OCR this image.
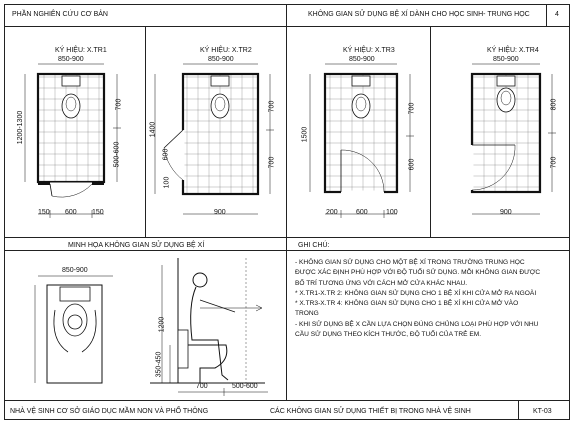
PHẦN NGHIÊN CỨU CƠ BẢN	KHÔNG GIAN SỬ DỤNG BỆ XÍ DÀNH CHO HỌC SINH- TRUNG HỌC	4
KÝ HIỆU: X.TR1
850-900
1200-1300
700
500-600
150 600 150
KÝ HIỆU: X.TR2
850-900
1400
600
100
700
700
900
KÝ HIỆU: X.TR3
850-900
1500
700
600
200	600	100
KÝ HIỆU: X.TR4
850-900
800
700
900
MINH HỌA KHÔNG GIAN SỬ DỤNG BỆ XÍ
850-900
1200
350-450
700	500-600
GHI CHÚ:
- KHÔNG GIAN SỬ DỤNG CHO MỘT BỆ XÍ TRONG TRƯỜNG TRUNG HỌC
ĐƯỢC XÁC ĐỊNH PHÙ HỢP VỚI ĐỘ TUỔI SỬ DỤNG. MỖI KHÔNG GIAN ĐƯỢC
BỐ TRÍ TƯƠNG ỨNG VỚI CÁCH MỞ CỬA KHÁC NHAU.
* X.TR1-X.TR 2: KHÔNG GIAN SỬ DỤNG CHO 1 BỆ XÍ KHI CỬA MỞ RA NGOÀI
* X.TR3-X.TR 4: KHÔNG GIAN SỬ DỤNG CHO 1 BỆ XÍ KHI CỬA MỞ VÀO
TRONG
- KHI SỬ DỤNG BỆ X CẦN LỰA CHỌN ĐÚNG CHỦNG LOẠI PHÙ HỢP VỚI NHU
CẦU SỬ DỤNG THEO KÍCH THƯỚC, ĐỘ TUỔI CỦA TRẺ EM.
NHÀ VỆ SINH CƠ SỞ GIÁO DỤC MẦM NON VÀ PHỔ THÔNG	CÁC KHÔNG GIAN SỬ DỤNG THIẾT BỊ TRONG NHÀ VỆ SINH	KT-03
